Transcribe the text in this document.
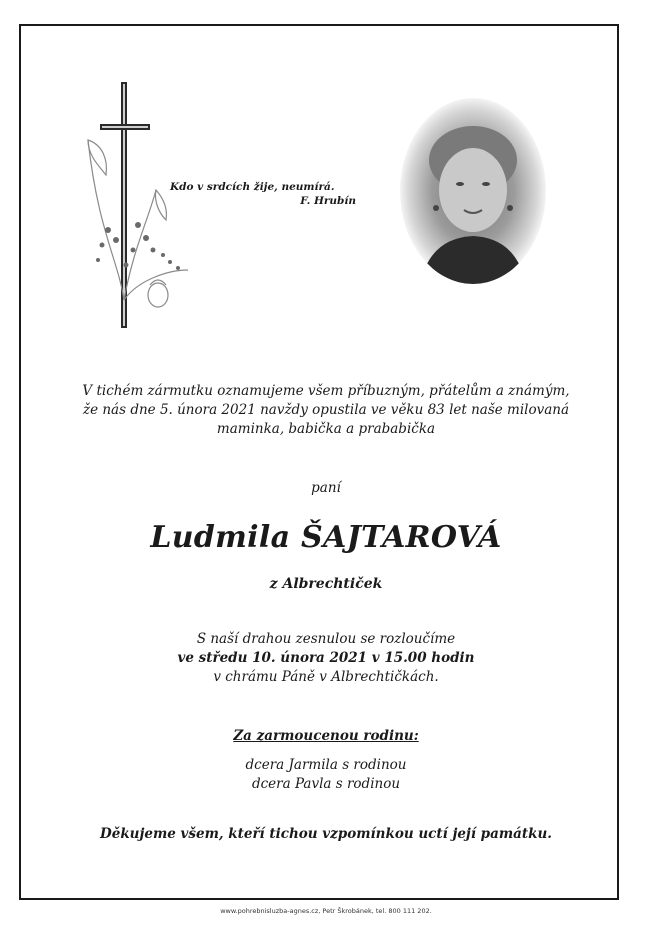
Kdo v srdcích žije, neumírá.
F. Hrubín
V tichém zármutku oznamujeme všem příbuzným, přátelům a známým,
že nás dne 5. února 2021 navždy opustila ve věku 83 let naše milovaná
maminka, babička a prababička
paní
Ludmila ŠAJTAROVÁ
z Albrechtiček
S naší drahou zesnulou se rozloučíme
ve středu 10. února 2021 v 15.00 hodin
v chrámu Páně v Albrechtičkách.
Za zarmoucenou rodinu:
dcera Jarmila s rodinou
dcera Pavla s rodinou
Děkujeme všem, kteří tichou vzpomínkou uctí její památku.
www.pohrebnisluzba-agnes.cz, Petr Škrobánek, tel. 800 111 202.
